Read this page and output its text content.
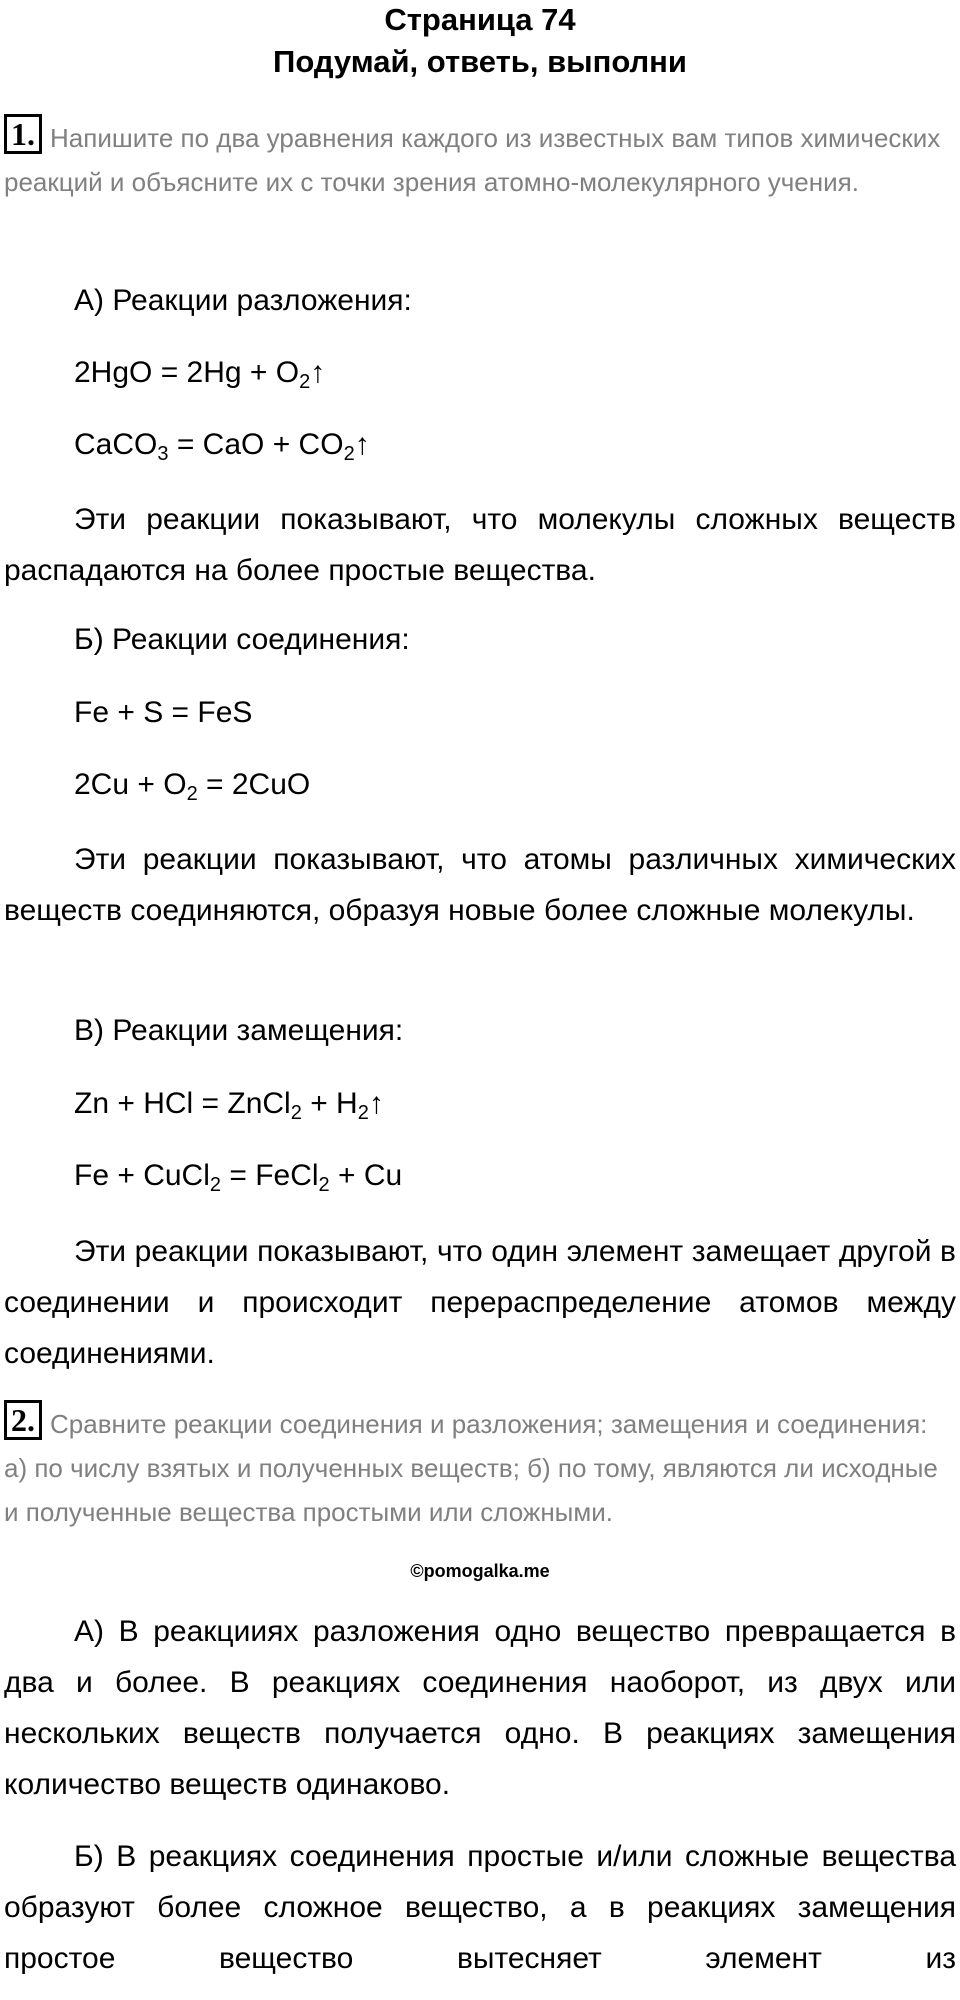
Страница 74
Подумай, ответь, выполни
1. Напишите по два уравнения каждого из известных вам типов химических реакций и объясните их с точки зрения атомно-молекулярного учения.
А) Реакции разложения:
$2HgO = 2Hg + O_2↑$
CaCO$_3$ = CaO + $CO_2↑$

Эти реакции показывают, что молекулы сложных веществ распадаются на более простые вещества.

Б) Реакции соединения:
Fe + S = FeS
$2Cu + O_2 = 2CuO$

Эти реакции показывают, что атомы различных химических веществ соединяются, образуя новые более сложные молекулы.

В) Реакции замещения:
Zn + HCl = ZnCl$_2$ + $H_2↑$
Fe + CuCl$_2$ = FeCl$_2$ + Cu

Эти реакции показывают, что один элемент замещает другой в соединении и происходит перераспределение атомов между соединениями.

2. Сравните реакции соединения и разложения; замещения и соединения: а) по числу взятых и полученных веществ; б) по тому, являются ли исходные и полученные вещества простыми или сложными.

А) В реакцииях разложения одно вещество превращается в два и более. В реакциях соединения наоборот, из двух или нескольких веществ получается одно. В реакциях замещения количество веществ одинаково.

©pomogalka.me

Б) В реакциях соединения простые и/или сложные вещества образуют более сложное вещество, а в реакциях замещения простое вещество вытесняет элемент из
